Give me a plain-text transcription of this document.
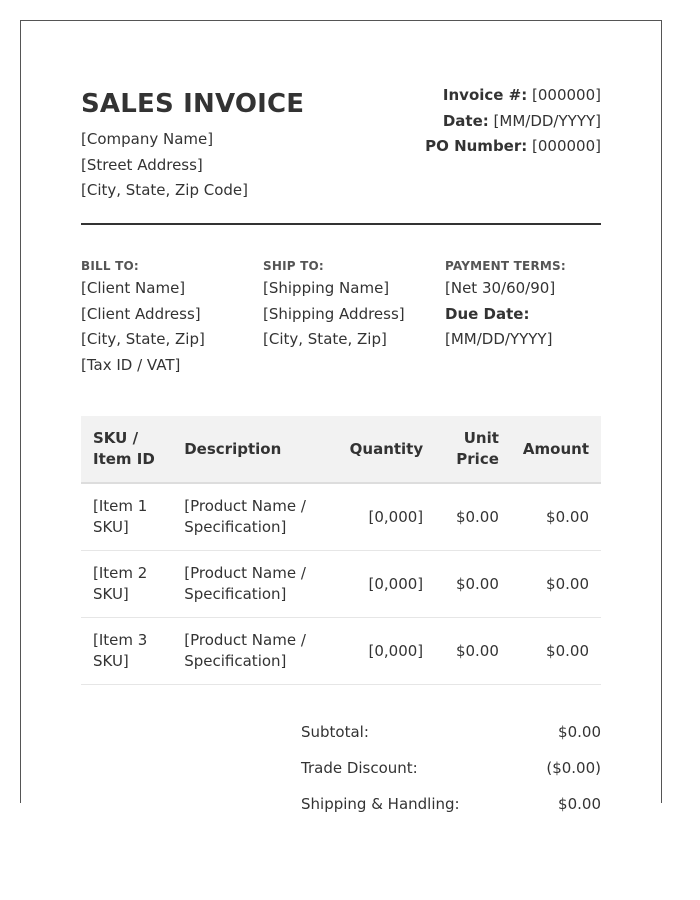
SALES INVOICE
[Company Name]
[Street Address]
[City, State, Zip Code]
Invoice #: [000000]
Date: [MM/DD/YYYY]
PO Number: [000000]
BILL TO:
[Client Name]
[Client Address]
[City, State, Zip]
[Tax ID / VAT]
SHIP TO:
[Shipping Name]
[Shipping Address]
[City, State, Zip]
PAYMENT TERMS:
[Net 30/60/90]
Due Date:
[MM/DD/YYYY]
SKU /
Item ID	Description	Quantity	Unit
Price	Amount
[Item 1
SKU]	[Product Name /
Specification]	[0,000]	$0.00	$0.00
[Item 2
SKU]	[Product Name /
Specification]	[0,000]	$0.00	$0.00
[Item 3
SKU]	[Product Name /
Specification]	[0,000]	$0.00	$0.00
Subtotal:	$0.00
Trade Discount:	($0.00)
Shipping & Handling:	$0.00
